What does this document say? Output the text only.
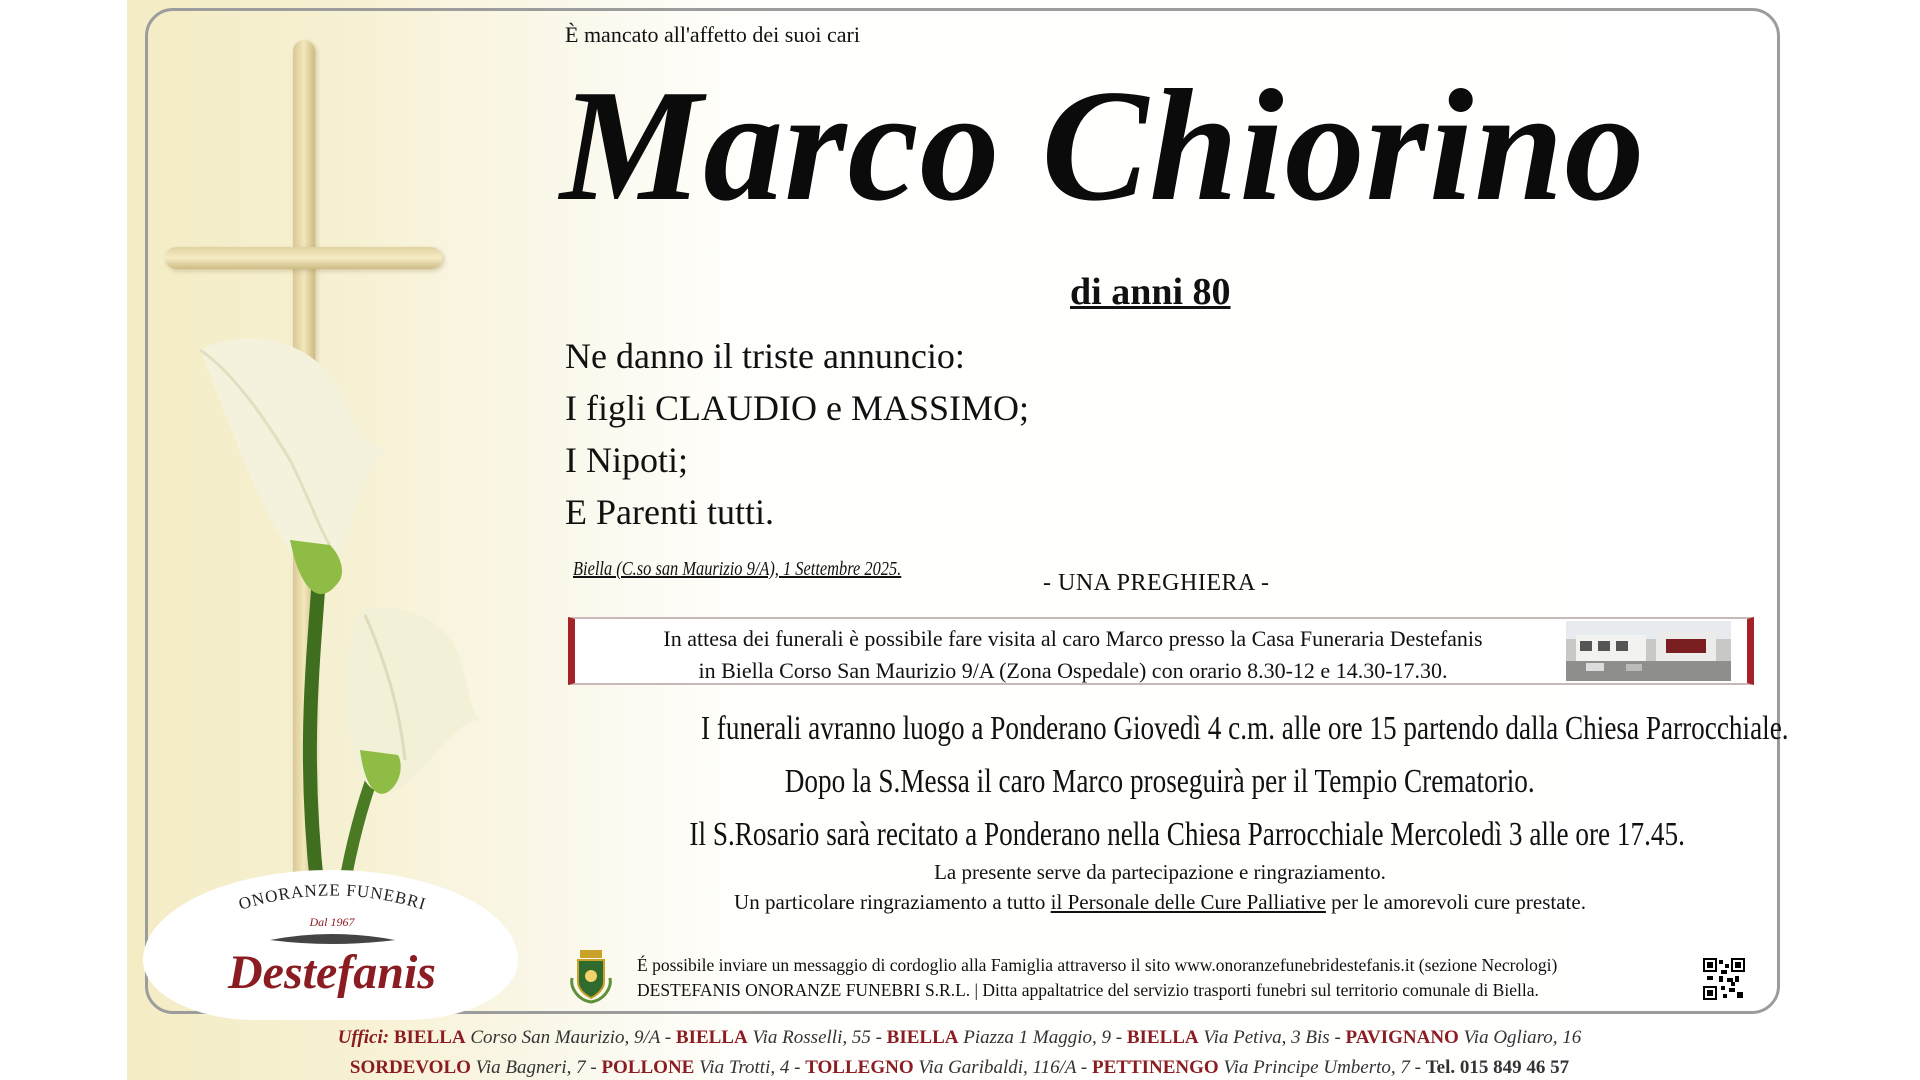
ONORANZE FUNEBRI
Dal 1967
Destefanis
È mancato all'affetto dei suoi cari
Marco Chiorino
di anni 80
Ne danno il triste annuncio:
I figli CLAUDIO e MASSIMO;
I Nipoti;
E Parenti tutti.
Biella (C.so san Maurizio 9/A), 1 Settembre 2025.
- UNA PREGHIERA -
In attesa dei funerali è possibile fare visita al caro Marco presso la Casa Funeraria Destefanis
in Biella Corso San Maurizio 9/A (Zona Ospedale) con orario 8.30-12 e 14.30-17.30.
I funerali avranno luogo a Ponderano Giovedì 4 c.m. alle ore 15 partendo dalla Chiesa Parrocchiale.
Dopo la S.Messa il caro Marco proseguirà per il Tempio Crematorio.
Il S.Rosario sarà recitato a Ponderano nella Chiesa Parrocchiale Mercoledì 3 alle ore 17.45.
La presente serve da partecipazione e ringraziamento.
Un particolare ringraziamento a tutto il Personale delle Cure Palliative per le amorevoli cure prestate.
É possibile inviare un messaggio di cordoglio alla Famiglia attraverso il sito www.onoranzefunebridestefanis.it (sezione Necrologi)
DESTEFANIS ONORANZE FUNEBRI S.R.L. | Ditta appaltatrice del servizio trasporti funebri sul territorio comunale di Biella.
Uffici: BIELLA Corso San Maurizio, 9/A - BIELLA Via Rosselli, 55 - BIELLA Piazza 1 Maggio, 9 - BIELLA Via Petiva, 3 Bis - PAVIGNANO Via Ogliaro, 16
SORDEVOLO Via Bagneri, 7 - POLLONE Via Trotti, 4 - TOLLEGNO Via Garibaldi, 116/A - PETTINENGO Via Principe Umberto, 7 - Tel. 015 849 46 57
